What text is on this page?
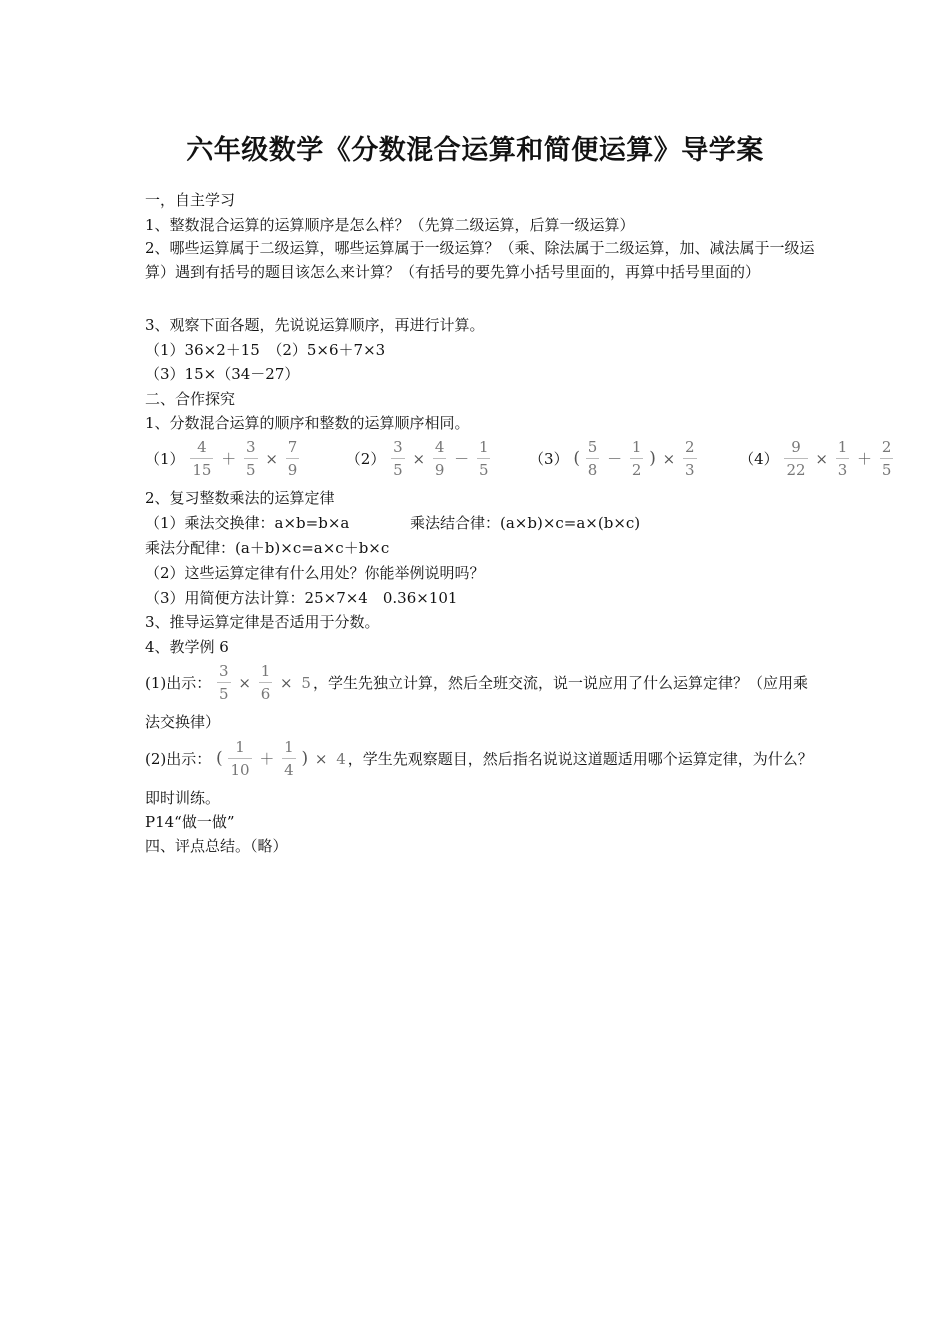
六年级数学《分数混合运算和简便运算》导学案
一，自主学习
1、整数混合运算的运算顺序是怎么样？（先算二级运算，后算一级运算）
2、哪些运算属于二级运算，哪些运算属于一级运算？（乘、除法属于二级运算，加、减法属于一级运算）遇到有括号的题目该怎么来计算？（有括号的要先算小括号里面的，再算中括号里面的）
3、观察下面各题，先说说运算顺序，再进行计算。
（1）36×2＋15　（2）5×6＋7×3
（3）15×（34－27）
二、合作探究
1、分数混合运算的顺序和整数的运算顺序相同。
$(1) \frac{4}{15} + \frac{3}{5} \times \frac{7}{9}$	$(2) \frac{3}{5} \times \frac{4}{9} - \frac{1}{5}$	（3） ( $\frac{5}{8} - \frac{1}{2}$ ) × $\frac{2}{3}$	$(4) \frac{9}{22} \times \frac{1}{3} + \frac{2}{5}$
2、复习整数乘法的运算定律
（1）乘法交换律：a×b=b×a	乘法结合律：(a×b)×c=a×(b×c)
乘法分配律：(a＋b)×c=a×c＋b×c
（2）这些运算定律有什么用处？你能举例说明吗？
（3）用简便方法计算：25×7×4　0.36×101
3、推导运算定律是否适用于分数。
4、教学例 6
(1)出示： $\frac{3}{5} \times \frac{1}{6} \times 5$ ，学生先独立计算，然后全班交流，说一说应用了什么运算定律？（应用乘
法交换律）
(2)出示： ( $\frac{1}{10} + \frac{1}{4}$ ) × 4 ，学生先观察题目，然后指名说说这道题适用哪个运算定律，为什么？
即时训练。
P14“做一做”
四、评点总结。（略）
